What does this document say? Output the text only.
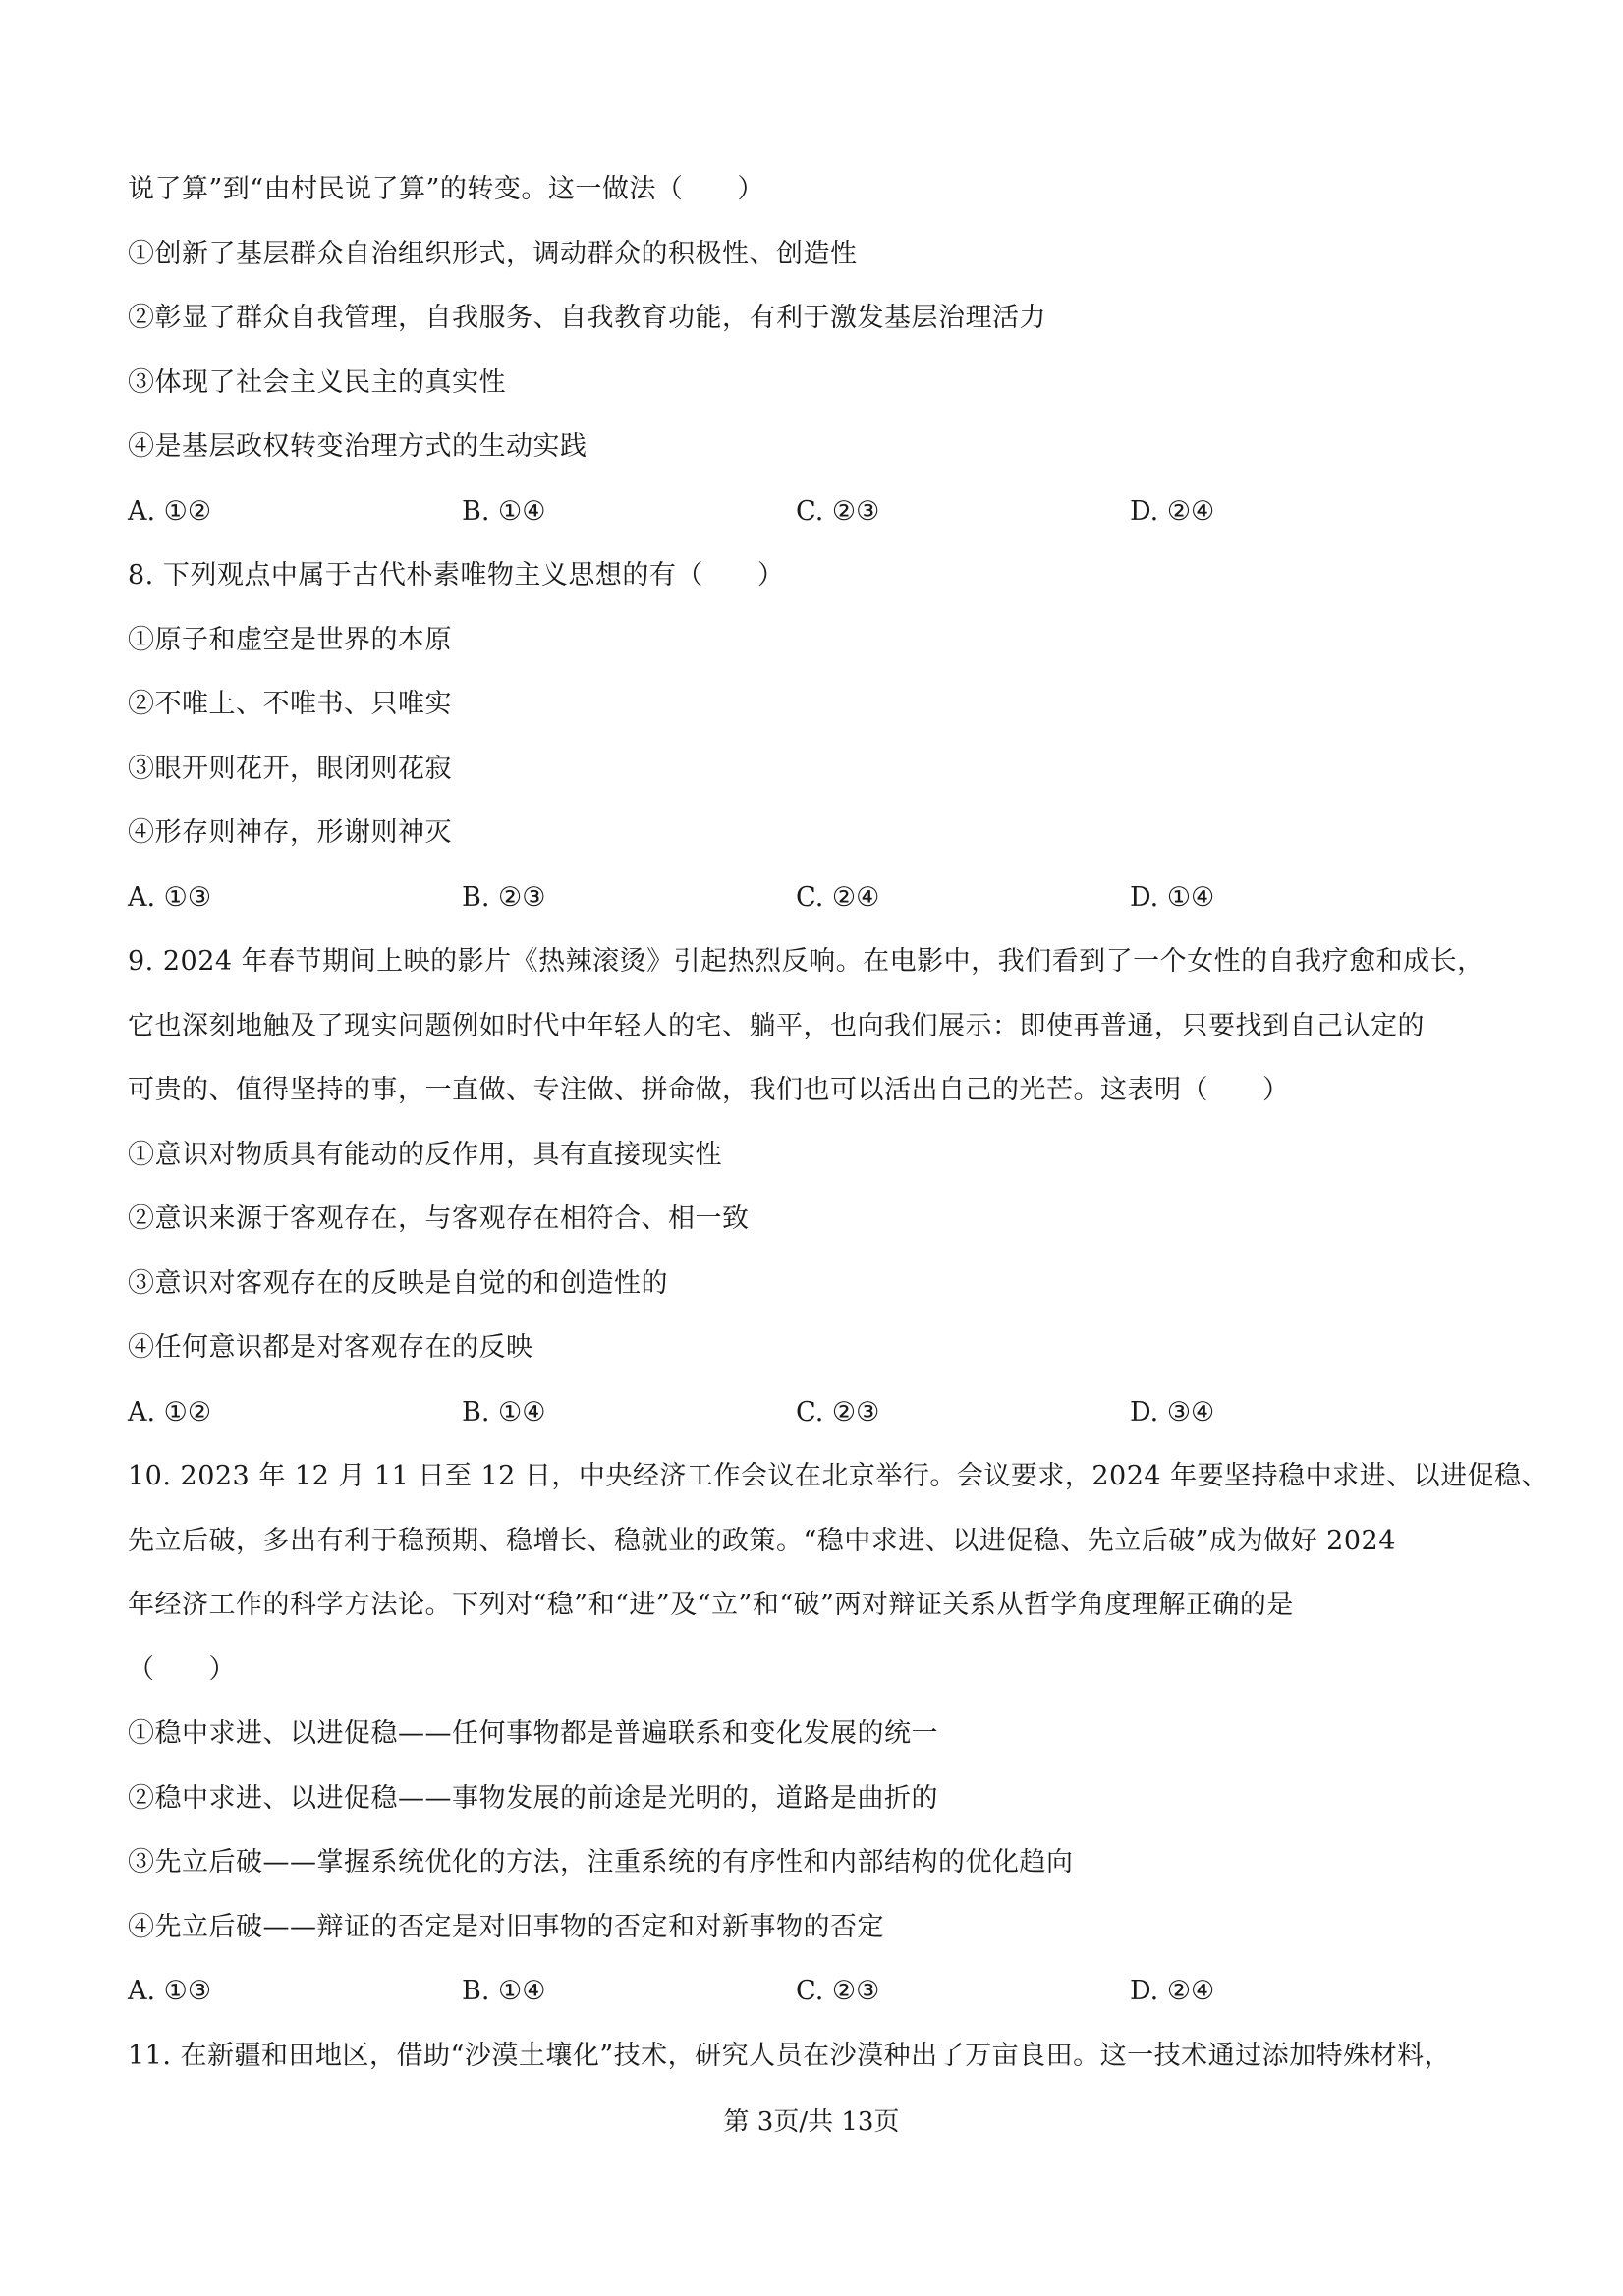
说了算”到“由村民说了算”的转变。这一做法（　　）
①创新了基层群众自治组织形式，调动群众的积极性、创造性
②彰显了群众自我管理，自我服务、自我教育功能，有利于激发基层治理活力
③体现了社会主义民主的真实性
④是基层政权转变治理方式的生动实践
A. ①②	B. ①④	C. ②③	D. ②④
8. 下列观点中属于古代朴素唯物主义思想的有（　　）
①原子和虚空是世界的本原
②不唯上、不唯书、只唯实
③眼开则花开，眼闭则花寂
④形存则神存，形谢则神灭
A. ①③	B. ②③	C. ②④	D. ①④
9. 2024 年春节期间上映的影片《热辣滚烫》引起热烈反响。在电影中，我们看到了一个女性的自我疗愈和成长，
它也深刻地触及了现实问题例如时代中年轻人的宅、躺平，也向我们展示：即使再普通，只要找到自己认定的
可贵的、值得坚持的事，一直做、专注做、拼命做，我们也可以活出自己的光芒。这表明（　　）
①意识对物质具有能动的反作用，具有直接现实性
②意识来源于客观存在，与客观存在相符合、相一致
③意识对客观存在的反映是自觉的和创造性的
④任何意识都是对客观存在的反映
A. ①②	B. ①④	C. ②③	D. ③④
10. 2023 年 12 月 11 日至 12 日，中央经济工作会议在北京举行。会议要求，2024 年要坚持稳中求进、以进促稳、
先立后破，多出有利于稳预期、稳增长、稳就业的政策。“稳中求进、以进促稳、先立后破”成为做好 2024
年经济工作的科学方法论。下列对“稳”和“进”及“立”和“破”两对辩证关系从哲学角度理解正确的是
（　　）
①稳中求进、以进促稳——任何事物都是普遍联系和变化发展的统一
②稳中求进、以进促稳——事物发展的前途是光明的，道路是曲折的
③先立后破——掌握系统优化的方法，注重系统的有序性和内部结构的优化趋向
④先立后破——辩证的否定是对旧事物的否定和对新事物的否定
A. ①③	B. ①④	C. ②③	D. ②④
11. 在新疆和田地区，借助“沙漠土壤化”技术，研究人员在沙漠种出了万亩良田。这一技术通过添加特殊材料，
第 3页/共 13页
